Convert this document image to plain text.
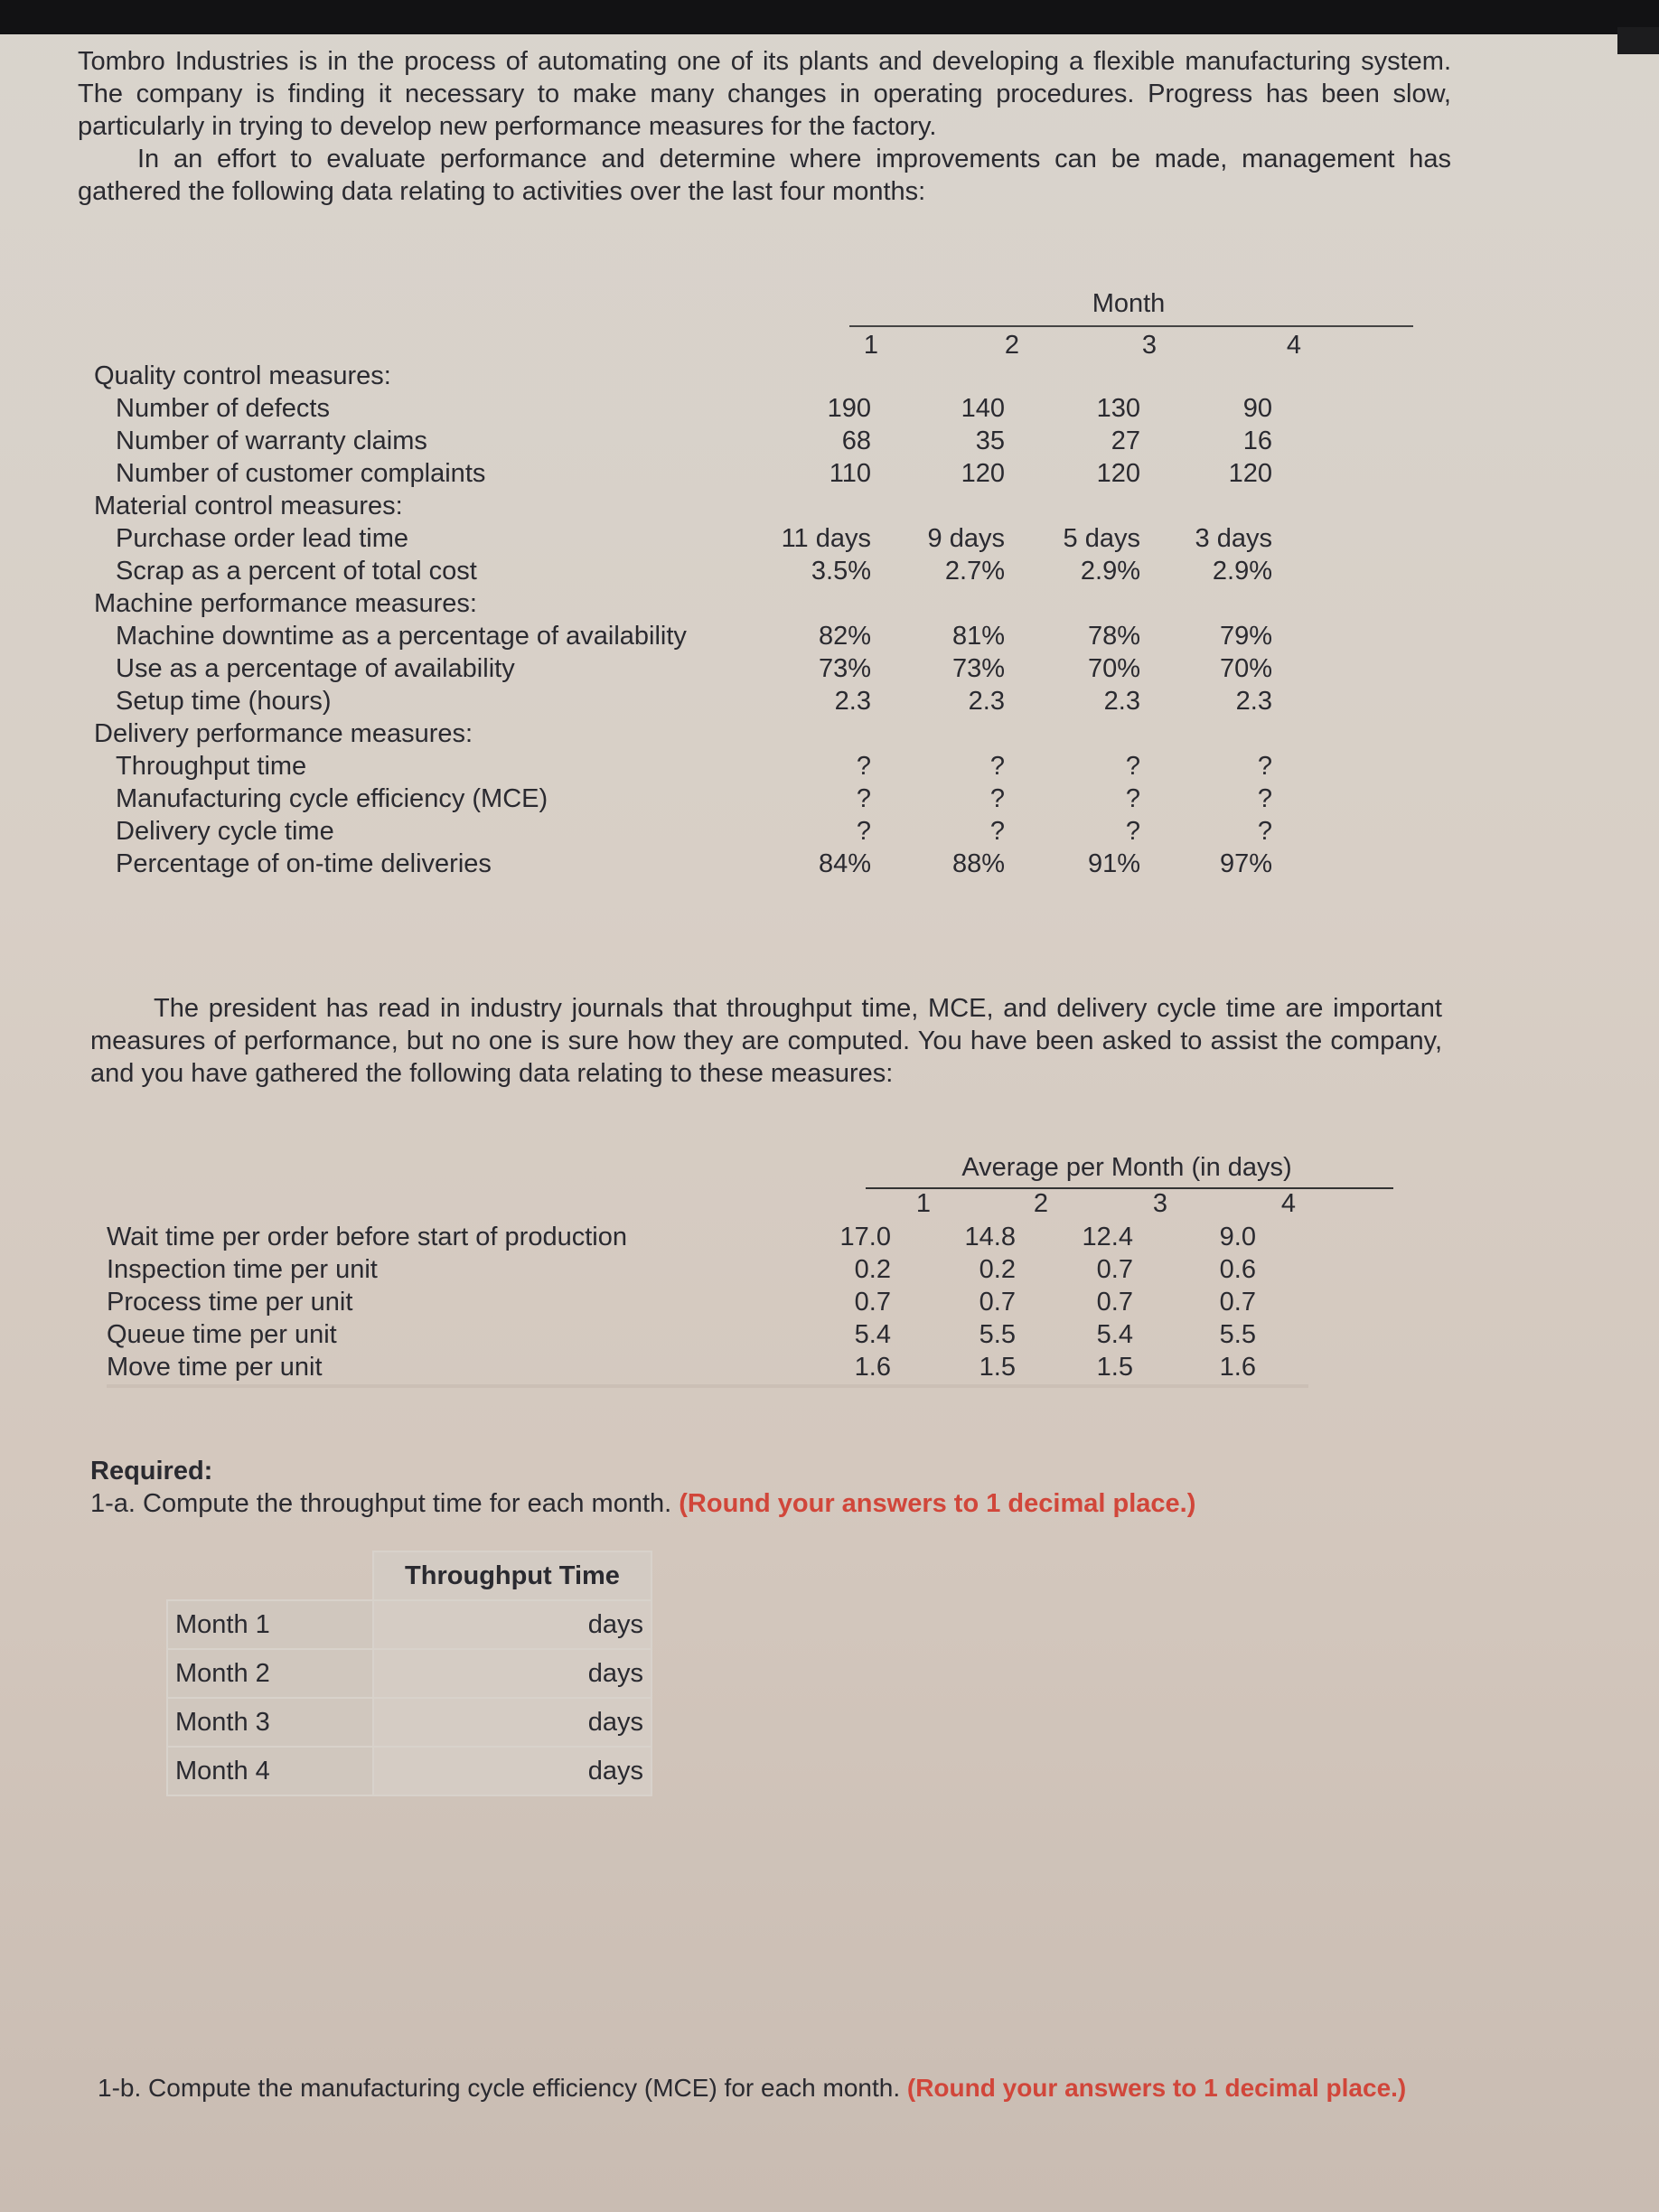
Tombro Industries is in the process of automating one of its plants and developing a flexible manufacturing system. The company is finding it necessary to make many changes in operating procedures. Progress has been slow, particularly in trying to develop new performance measures for the factory.
In an effort to evaluate performance and determine where improvements can be made, management has gathered the following data relating to activities over the last four months:
Month
1	2	3	4
Quality control measures:
Number of defects	190	140	130	90
Number of warranty claims	68	35	27	16
Number of customer complaints	110	120	120	120
Material control measures:
Purchase order lead time	11 days	9 days	5 days	3 days
Scrap as a percent of total cost	3.5%	2.7%	2.9%	2.9%
Machine performance measures:
Machine downtime as a percentage of availability	82%	81%	78%	79%
Use as a percentage of availability	73%	73%	70%	70%
Setup time (hours)	2.3	2.3	2.3	2.3
Delivery performance measures:
Throughput time	?	?	?	?
Manufacturing cycle efficiency (MCE)	?	?	?	?
Delivery cycle time	?	?	?	?
Percentage of on-time deliveries	84%	88%	91%	97%
The president has read in industry journals that throughput time, MCE, and delivery cycle time are important measures of performance, but no one is sure how they are computed. You have been asked to assist the company, and you have gathered the following data relating to these measures:
Average per Month (in days)
1	2	3	4
Wait time per order before start of production	17.0	14.8	12.4	9.0
Inspection time per unit	0.2	0.2	0.7	0.6
Process time per unit	0.7	0.7	0.7	0.7
Queue time per unit	5.4	5.5	5.4	5.5
Move time per unit	1.6	1.5	1.5	1.6
Required:
1-a. Compute the throughput time for each month. (Round your answers to 1 decimal place.)
	Throughput Time
Month 1	days
Month 2	days
Month 3	days
Month 4	days
1-b. Compute the manufacturing cycle efficiency (MCE) for each month. (Round your answers to 1 decimal place.)
